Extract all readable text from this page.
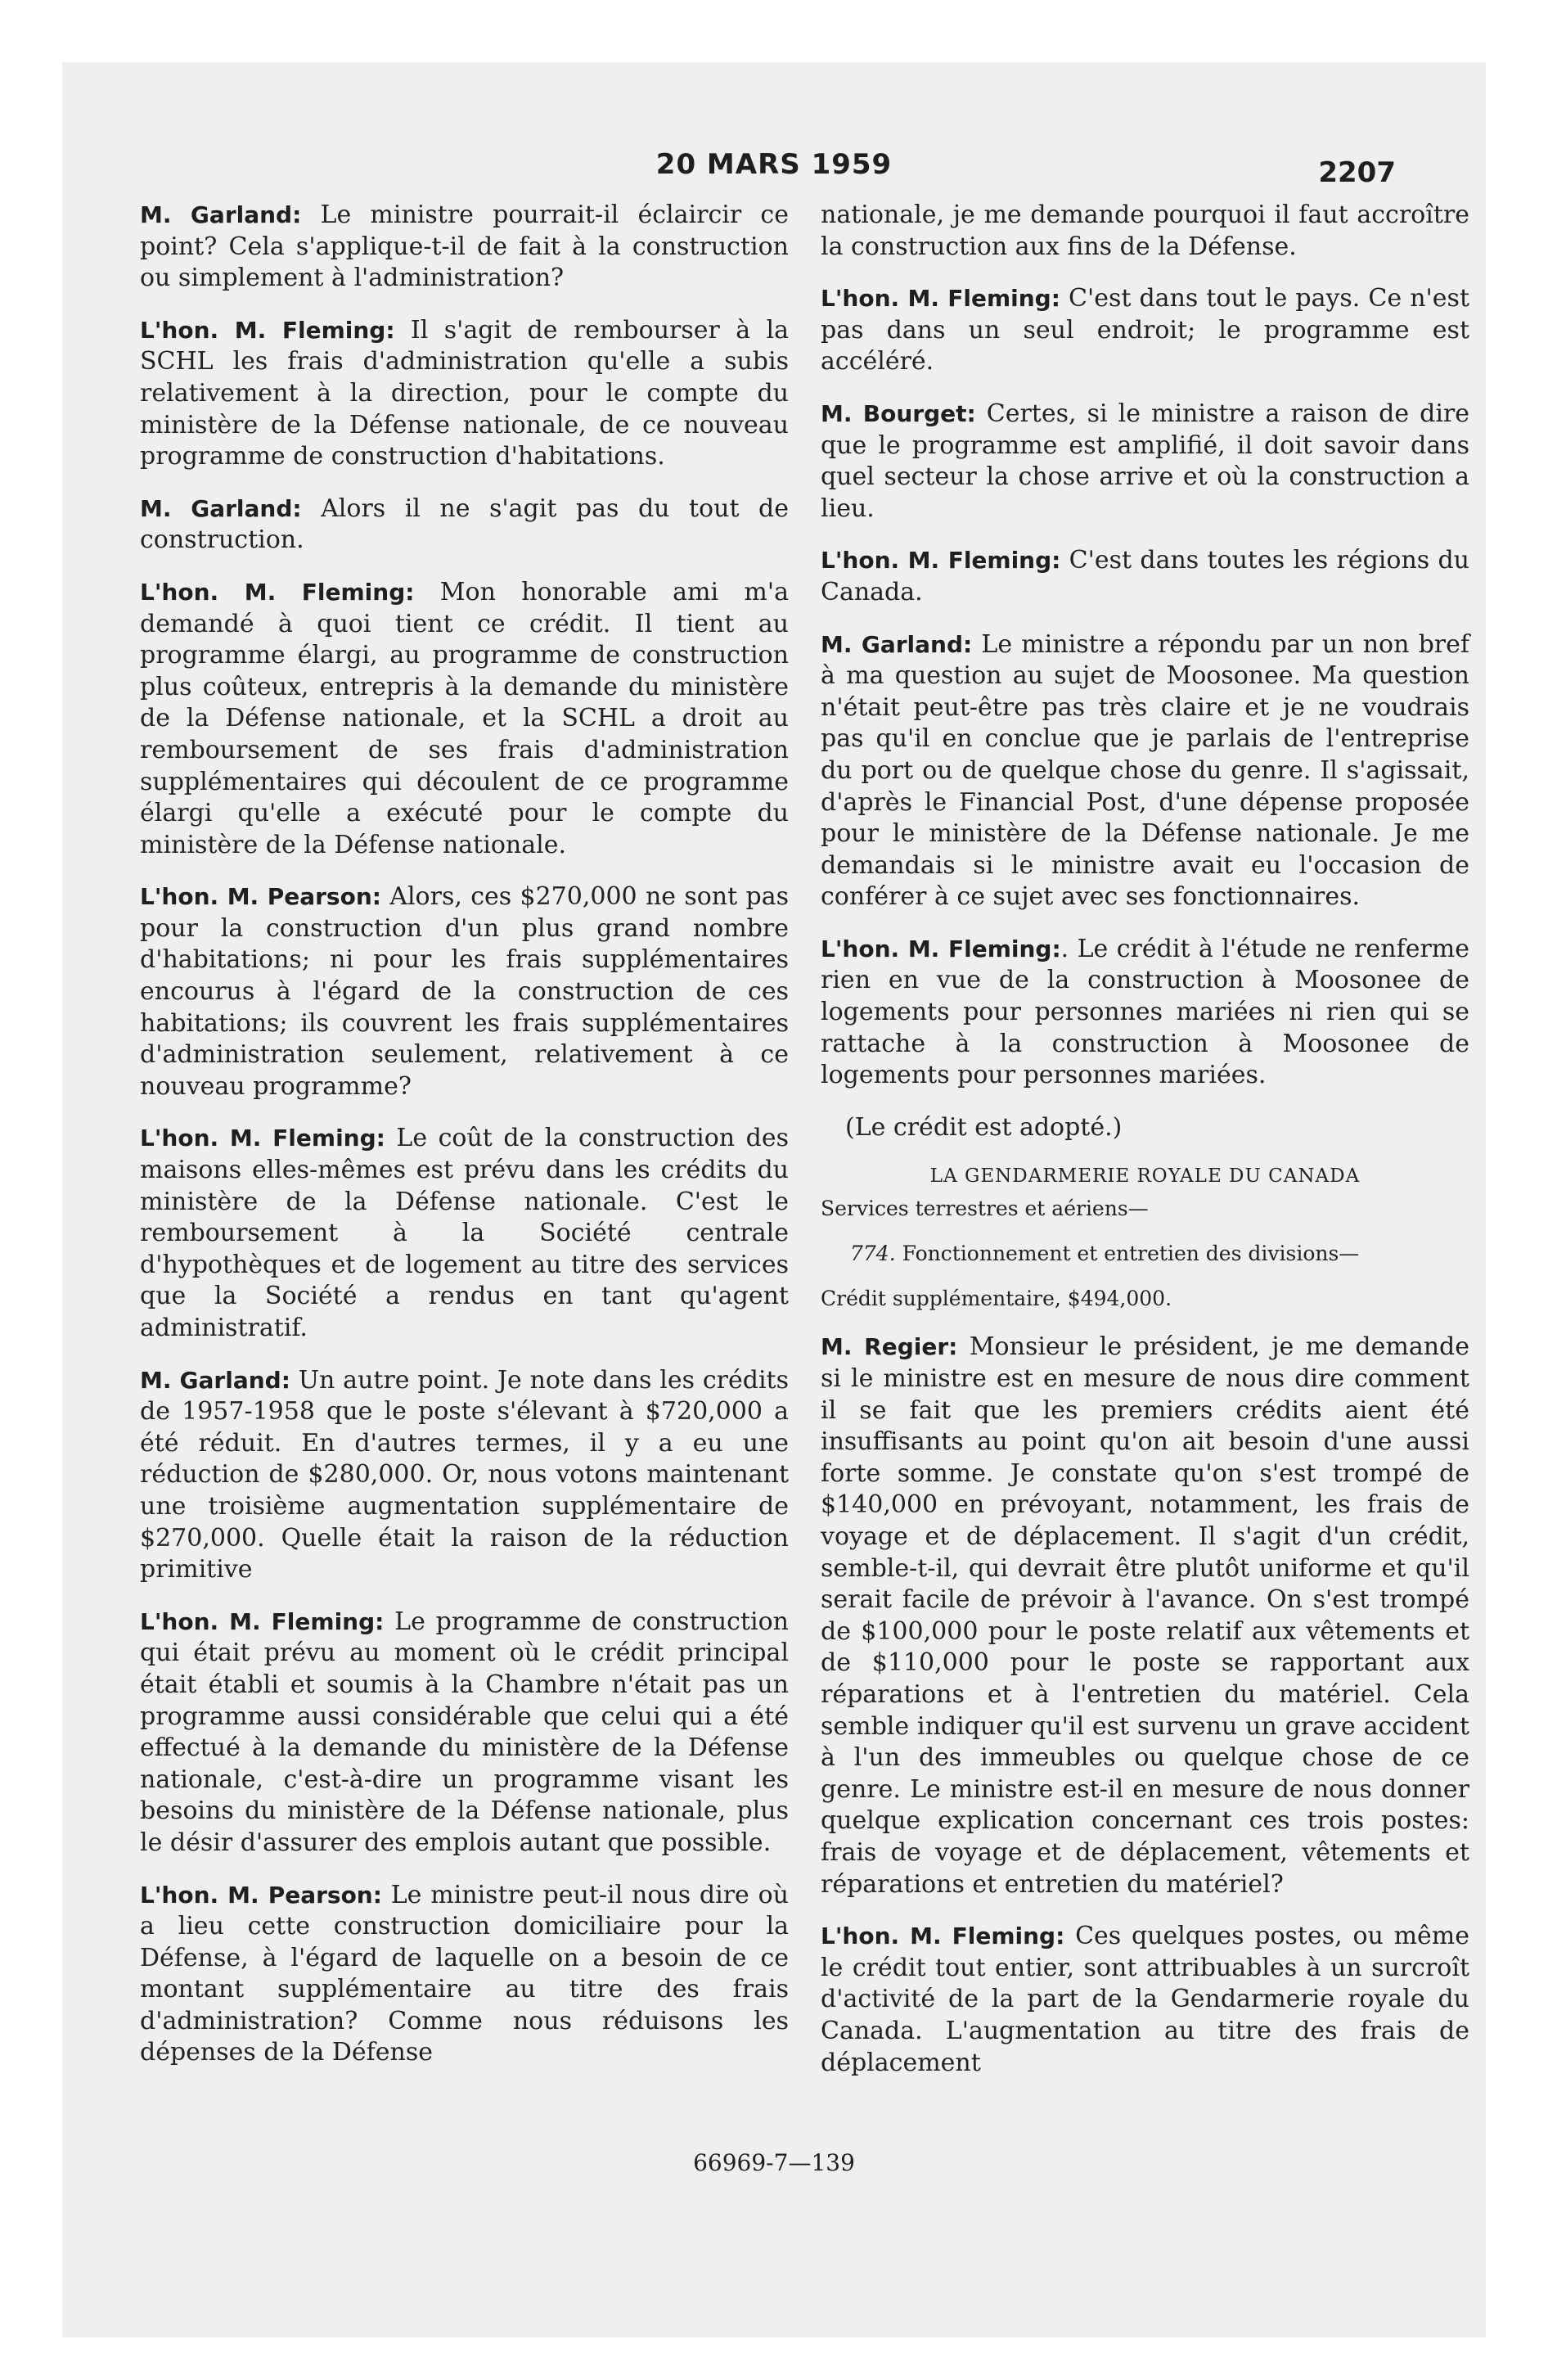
20 MARS 1959	2207

M. Garland: Le ministre pourrait-il éclaircir ce point? Cela s'applique-t-il de fait à la construction ou simplement à l'administration?

L'hon. M. Fleming: Il s'agit de rembourser à la SCHL les frais d'administration qu'elle a subis relativement à la direction, pour le compte du ministère de la Défense nationale, de ce nouveau programme de construction d'habitations.

M. Garland: Alors il ne s'agit pas du tout de construction.

L'hon. M. Fleming: Mon honorable ami m'a demandé à quoi tient ce crédit. Il tient au programme élargi, au programme de construction plus coûteux, entrepris à la demande du ministère de la Défense nationale, et la SCHL a droit au remboursement de ses frais d'administration supplémentaires qui découlent de ce programme élargi qu'elle a exécuté pour le compte du ministère de la Défense nationale.

L'hon. M. Pearson: Alors, ces $270,000 ne sont pas pour la construction d'un plus grand nombre d'habitations; ni pour les frais supplémentaires encourus à l'égard de la construction de ces habitations; ils couvrent les frais supplémentaires d'administration seulement, relativement à ce nouveau programme?

L'hon. M. Fleming: Le coût de la construction des maisons elles-mêmes est prévu dans les crédits du ministère de la Défense nationale. C'est le remboursement à la Société centrale d'hypothèques et de logement au titre des services que la Société a rendus en tant qu'agent administratif.

M. Garland: Un autre point. Je note dans les crédits de 1957-1958 que le poste s'élevant à $720,000 a été réduit. En d'autres termes, il y a eu une réduction de $280,000. Or, nous votons maintenant une troisième augmentation supplémentaire de $270,000. Quelle était la raison de la réduction primitive

L'hon. M. Fleming: Le programme de construction qui était prévu au moment où le crédit principal était établi et soumis à la Chambre n'était pas un programme aussi considérable que celui qui a été effectué à la demande du ministère de la Défense nationale, c'est-à-dire un programme visant les besoins du ministère de la Défense nationale, plus le désir d'assurer des emplois autant que possible.

L'hon. M. Pearson: Le ministre peut-il nous dire où a lieu cette construction domiciliaire pour la Défense, à l'égard de laquelle on a besoin de ce montant supplémentaire au titre des frais d'administration? Comme nous réduisons les dépenses de la Défense

nationale, je me demande pourquoi il faut accroître la construction aux fins de la Défense.

L'hon. M. Fleming: C'est dans tout le pays. Ce n'est pas dans un seul endroit; le programme est accéléré.

M. Bourget: Certes, si le ministre a raison de dire que le programme est amplifié, il doit savoir dans quel secteur la chose arrive et où la construction a lieu.

L'hon. M. Fleming: C'est dans toutes les régions du Canada.

M. Garland: Le ministre a répondu par un non bref à ma question au sujet de Moosonee. Ma question n'était peut-être pas très claire et je ne voudrais pas qu'il en conclue que je parlais de l'entreprise du port ou de quelque chose du genre. Il s'agissait, d'après le Financial Post, d'une dépense proposée pour le ministère de la Défense nationale. Je me demandais si le ministre avait eu l'occasion de conférer à ce sujet avec ses fonctionnaires.

L'hon. M. Fleming:. Le crédit à l'étude ne renferme rien en vue de la construction à Moosonee de logements pour personnes mariées ni rien qui se rattache à la construction à Moosonee de logements pour personnes mariées.

(Le crédit est adopté.)

LA GENDARMERIE ROYALE DU CANADA

Services terrestres et aériens—

774. Fonctionnement et entretien des divisions—

Crédit supplémentaire, $494,000.

M. Regier: Monsieur le président, je me demande si le ministre est en mesure de nous dire comment il se fait que les premiers crédits aient été insuffisants au point qu'on ait besoin d'une aussi forte somme. Je constate qu'on s'est trompé de $140,000 en prévoyant, notamment, les frais de voyage et de déplacement. Il s'agit d'un crédit, semble-t-il, qui devrait être plutôt uniforme et qu'il serait facile de prévoir à l'avance. On s'est trompé de $100,000 pour le poste relatif aux vêtements et de $110,000 pour le poste se rapportant aux réparations et à l'entretien du matériel. Cela semble indiquer qu'il est survenu un grave accident à l'un des immeubles ou quelque chose de ce genre. Le ministre est-il en mesure de nous donner quelque explication concernant ces trois postes: frais de voyage et de déplacement, vêtements et réparations et entretien du matériel?

L'hon. M. Fleming: Ces quelques postes, ou même le crédit tout entier, sont attribuables à un surcroît d'activité de la part de la Gendarmerie royale du Canada. L'augmentation au titre des frais de déplacement

66969-7—139
